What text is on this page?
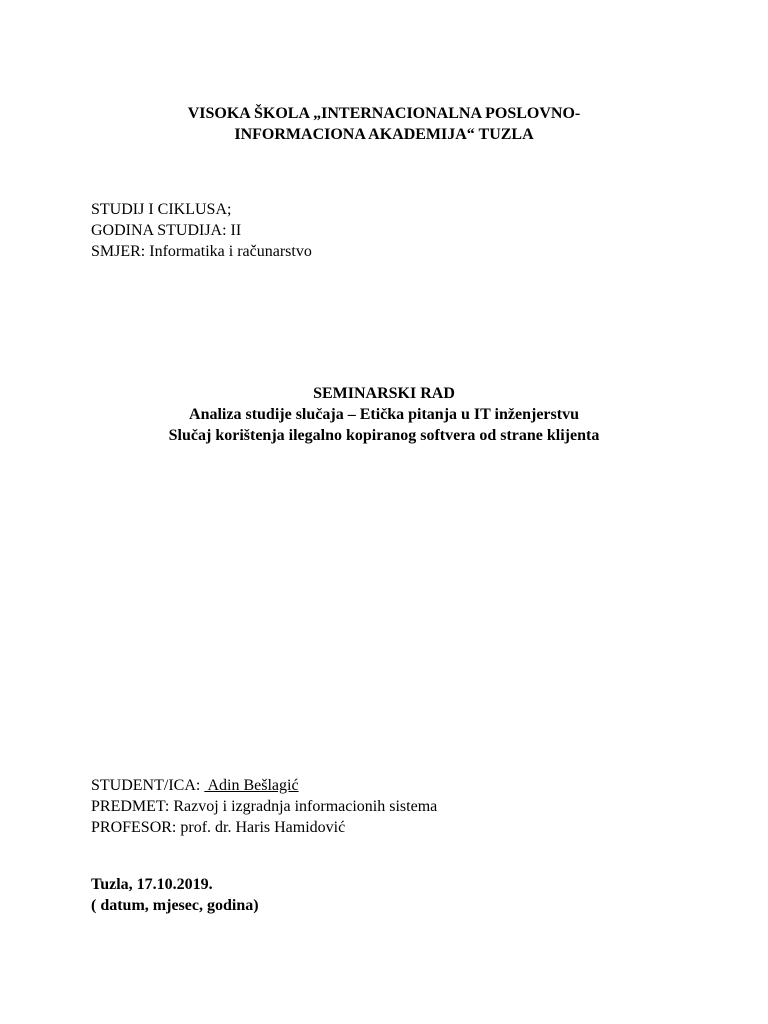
VISOKA ŠKOLA „INTERNACIONALNA POSLOVNO-
INFORMACIONA AKADEMIJA“ TUZLA
STUDIJ I CIKLUSA;
GODINA STUDIJA: II
SMJER: Informatika i računarstvo
SEMINARSKI RAD
Analiza studije slučaja – Etička pitanja u IT inženjerstvu
Slučaj korištenja ilegalno kopiranog softvera od strane klijenta
STUDENT/ICA:  Adin Bešlagić
PREDMET: Razvoj i izgradnja informacionih sistema
PROFESOR: prof. dr. Haris Hamidović
Tuzla, 17.10.2019.
( datum, mjesec, godina)
